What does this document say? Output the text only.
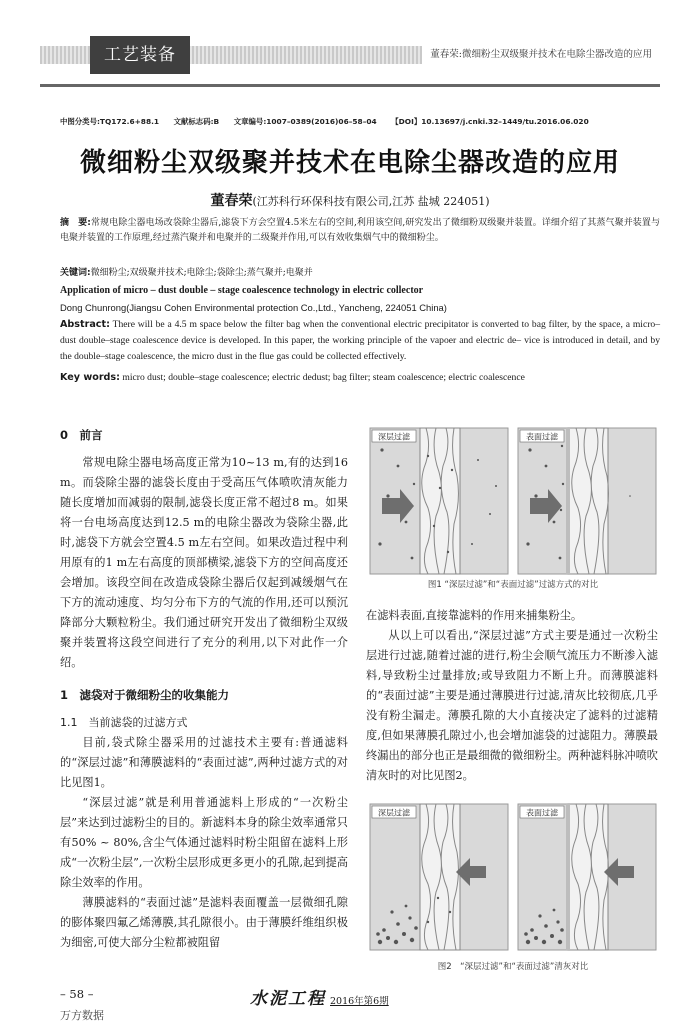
工艺装备	董春荣:微细粉尘双级聚并技术在电除尘器改造的应用
中图分类号:TQ172.6+88.1 文献标志码:B 文章编号:1007–0389(2016)06–58–04 【DOI】10.13697/j.cnki.32–1449/tu.2016.06.020
微细粉尘双级聚并技术在电除尘器改造的应用
董春荣(江苏科行环保科技有限公司,江苏 盐城 224051)
摘　要:常规电除尘器电场改袋除尘器后,滤袋下方会空置4.5米左右的空间,利用该空间,研究发出了微细粉双级聚并装置。详细介绍了其蒸气聚并装置与电聚并装置的工作原理,经过蒸汽聚并和电聚并的二级聚并作用,可以有效收集烟气中的微细粉尘。
关键词:微细粉尘;双级聚并技术;电除尘;袋除尘;蒸气聚并;电聚并
Application of micro – dust double – stage coalescence technology in electric collector
Dong Chunrong(Jiangsu Cohen Environmental protection Co.,Ltd., Yancheng, 224051 China)
Abstract: There will be a 4.5 m space below the filter bag when the conventional electric precipitator is converted to bag filter, by the space, a micro–dust double–stage coalescence device is developed. In this paper, the working principle of the vapoer and electric de– vice is introduced in detail, and by the double–stage coalescence, the micro dust in the flue gas could be collected effectively.
Key words: micro dust; double–stage coalescence; electric dedust; bag filter; steam coalescence; electric coalescence
0　前言

常规电除尘器电场高度正常为10~13 m,有的达到16 m。而袋除尘器的滤袋长度由于受高压气体喷吹清灰能力随长度增加而减弱的限制,滤袋长度正常不超过8 m。如果将一台电场高度达到12.5 m的电除尘器改为袋除尘器,此时,滤袋下方就会空置4.5 m左右空间。如果改造过程中利用原有的1 m左右高度的顶部横梁,滤袋下方的空间高度还会增加。该段空间在改造成袋除尘器后仅起到减缓烟气在下方的流动速度、均匀分布下方的气流的作用,还可以预沉降部分大颗粒粉尘。我们通过研究开发出了微细粉尘双级聚并装置将这段空间进行了充分的利用,以下对此作一介绍。

1　滤袋对于微细粉尘的收集能力
1.1　当前滤袋的过滤方式

目前,袋式除尘器采用的过滤技术主要有:普通滤料的“深层过滤”和薄膜滤料的“表面过滤”,两种过滤方式的对比见图1。

“深层过滤”就是利用普通滤料上形成的“一次粉尘层”来达到过滤粉尘的目的。新滤料本身的除尘效率通常只有50% ~ 80%,含尘气体通过滤料时粉尘阻留在滤料上形成“一次粉尘层”,一次粉尘层形成更多更小的孔隙,起到提高除尘效率的作用。

薄膜滤料的“表面过滤”是滤料表面覆盖一层微细孔隙的膨体聚四氟乙烯薄膜,其孔隙很小。由于薄膜纤维组织极为细密,可使大部分尘粒都被阻留

深层过滤	表面过滤
图1 “深层过滤”和“表面过滤”过滤方式的对比
在滤料表面,直接靠滤料的作用来捕集粉尘。

从以上可以看出,“深层过滤”方式主要是通过一次粉尘层进行过滤,随着过滤的进行,粉尘会顺气流压力不断渗入滤料,导致粉尘过量排放;或导致阻力不断上升。而薄膜滤料的“表面过滤”主要是通过薄膜进行过滤,清灰比较彻底,几乎没有粉尘漏走。薄膜孔隙的大小直接决定了滤料的过滤精度,但如果薄膜孔隙过小,也会增加滤袋的过滤阻力。薄膜最终漏出的部分也正是最细微的微细粉尘。两种滤料脉冲喷吹清灰时的对比见图2。

深层过滤	表面过滤
图2　“深层过滤”和“表面过滤”清灰对比
– 58 –	水泥工程 2016年第6期
万方数据
